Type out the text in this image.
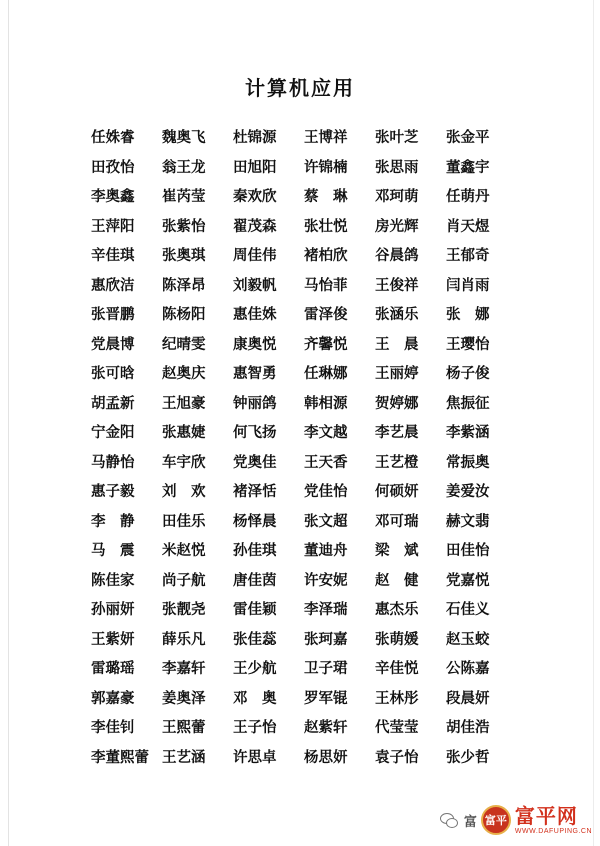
计算机应用
任姝睿	魏奥飞	杜锦源	王博祥	张叶芝	张金平
田孜怡	翁王龙	田旭阳	许锦楠	张思雨	董鑫宇
李奥鑫	崔芮莹	秦欢欣	蔡　琳	邓珂萌	任萌丹
王萍阳	张紫怡	翟茂森	张壮悦	房光辉	肖天煜
辛佳琪	张奥琪	周佳伟	褚柏欣	谷晨鸽	王郁奇
惠欣洁	陈泽昂	刘毅帆	马怡菲	王俊祥	闫肖雨
张晋鹏	陈杨阳	惠佳姝	雷泽俊	张涵乐	张　娜
党晨博	纪晴雯	康奥悦	齐馨悦	王　晨	王璎怡
张可晗	赵奥庆	惠智勇	任琳娜	王丽婷	杨子俊
胡孟新	王旭豪	钟丽鸽	韩相源	贺婷娜	焦振征
宁金阳	张惠婕	何飞扬	李文越	李艺晨	李紫涵
马静怡	车宇欣	党奥佳	王天香	王艺橙	常振奥
惠子毅	刘　欢	褚泽恬	党佳怡	何硕妍	姜爱汝
李　静	田佳乐	杨怿晨	张文超	邓可瑞	赫文翡
马　震	米赵悦	孙佳琪	董迪舟	梁　斌	田佳怡
陈佳家	尚子航	唐佳茵	许安妮	赵　健	党嘉悦
孙丽妍	张靓尧	雷佳颖	李泽瑞	惠杰乐	石佳义
王紫妍	薛乐凡	张佳蕊	张珂嘉	张萌媛	赵玉蛟
雷璐瑶	李嘉轩	王少航	卫子珺	辛佳悦	公陈嘉
郭嘉豪	姜奥泽	邓　奥	罗军锟	王林彤	段晨妍
李佳钊	王熙蕾	王子怡	赵紫轩	代莹莹	胡佳浩
李董熙蕾 王艺涵	许思卓	杨思妍	袁子怡	张少哲
富 富平 富平网
WWW.DAFUPING.CN
